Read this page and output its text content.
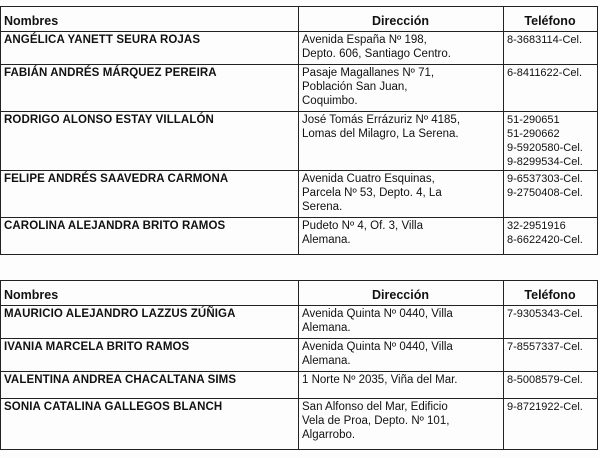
Nombres	Dirección	Teléfono
ANGÉLICA YANETT SEURA ROJAS	Avenida España Nº 198,
Depto. 606, Santiago Centro.	8-3683114-Cel.

FABIÁN ANDRÉS MÁRQUEZ PEREIRA	Pasaje Magallanes Nº 71,
Población San Juan,
Coquimbo.	6-8411622-Cel.

RODRIGO ALONSO ESTAY VILLALÓN	José Tomás Errázuriz Nº 4185,
Lomas del Milagro, La Serena.	51-290651
51-290662
9-5920580-Cel.
9-8299534-Cel.

FELIPE ANDRÉS SAAVEDRA CARMONA	Avenida Cuatro Esquinas,
Parcela Nº 53, Depto. 4, La
Serena.	9-6537303-Cel.
9-2750408-Cel.

CAROLINA ALEJANDRA BRITO RAMOS	Pudeto Nº 4, Of. 3, Villa
Alemana.	32-2951916
8-6622420-Cel.
Nombres	Dirección	Teléfono
MAURICIO ALEJANDRO LAZZUS ZÚÑIGA	Avenida Quinta Nº 0440, Villa
Alemana.	7-9305343-Cel.

IVANIA MARCELA BRITO RAMOS	Avenida Quinta Nº 0440, Villa
Alemana.	7-8557337-Cel.

VALENTINA ANDREA CHACALTANA SIMS	1 Norte Nº 2035, Viña del Mar.	8-5008579-Cel.

SONIA CATALINA GALLEGOS BLANCH	San Alfonso del Mar, Edificio
Vela de Proa, Depto. Nº 101,
Algarrobo.	9-8721922-Cel.
